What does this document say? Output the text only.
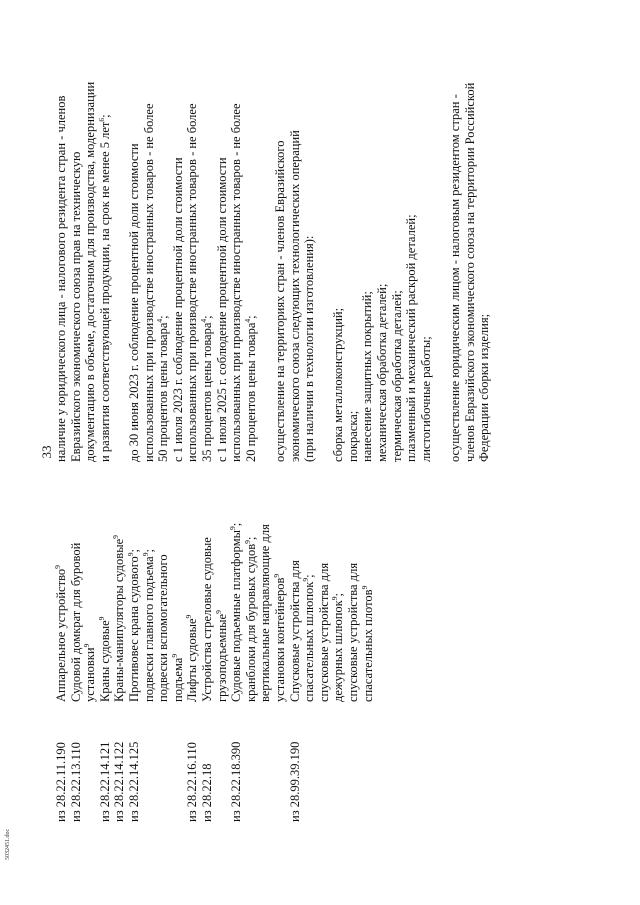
33
из 28.22.11.190 из 28.22.13.110 из 28.22.14.121 из 28.22.14.122 из 28.22.14.125	из 28.22.16.110 из 28.22.18 из 28.22.18.390	из 28.99.39.190
Аппарельное устройство$^9$ Судовой домкрат для буровой установки$^9$ Краны судовые$^9$ Краны-манипуляторы судовые$^9$
Противовес крана судового$^9$;
подвески главного подъема$^9$;
подвески вспомогательного подъема$^9$ Лифты судовые$^9$ Устройства стреловые судовые грузоподъемные$^9$ Судовые подъемные платформы$^9$;
кранблоки для буровых судов$^9$; вертикальные направляющие для установки контейнеров$^9$ Спусковые устройства для спасательных шлюпок$^9$; спусковые устройства для дежурных шлюпок$^9$; спусковые устройства для спасательных плотов$^9$
наличие у юридического лица - налогового резидента стран - членов Евразийского экономического союза прав на техническую документацию в объеме, достаточном для производства, модернизации и развития соответствующей продукции, на срок не менее 5 лет$^6$;
до 30 июня 2023 г. соблюдение процентной доли стоимости использованных при производстве иностранных товаров - не более 50 процентов цены товара$^4$; с 1 июля 2023 г. соблюдение процентной доли стоимости использованных при производстве иностранных товаров - не более 35 процентов цены товара$^4$; с 1 июля 2025 г. соблюдение процентной доли стоимости использованных при производстве иностранных товаров - не более 20 процентов цены товара$^4$; осуществление на территориях стран - членов Евразийского экономического союза следующих технологических операций (при наличии в технологии изготовления): сборка металлоконструкций; покраска; нанесение защитных покрытий; механическая обработка деталей; термическая обработка деталей; плазменный и механический раскрой деталей; листогибочные работы; осуществление юридическим лицом - налоговым резидентом стран - членов Евразийского экономического союза на территории Российской Федерации сборки изделия;
5032451.doc
